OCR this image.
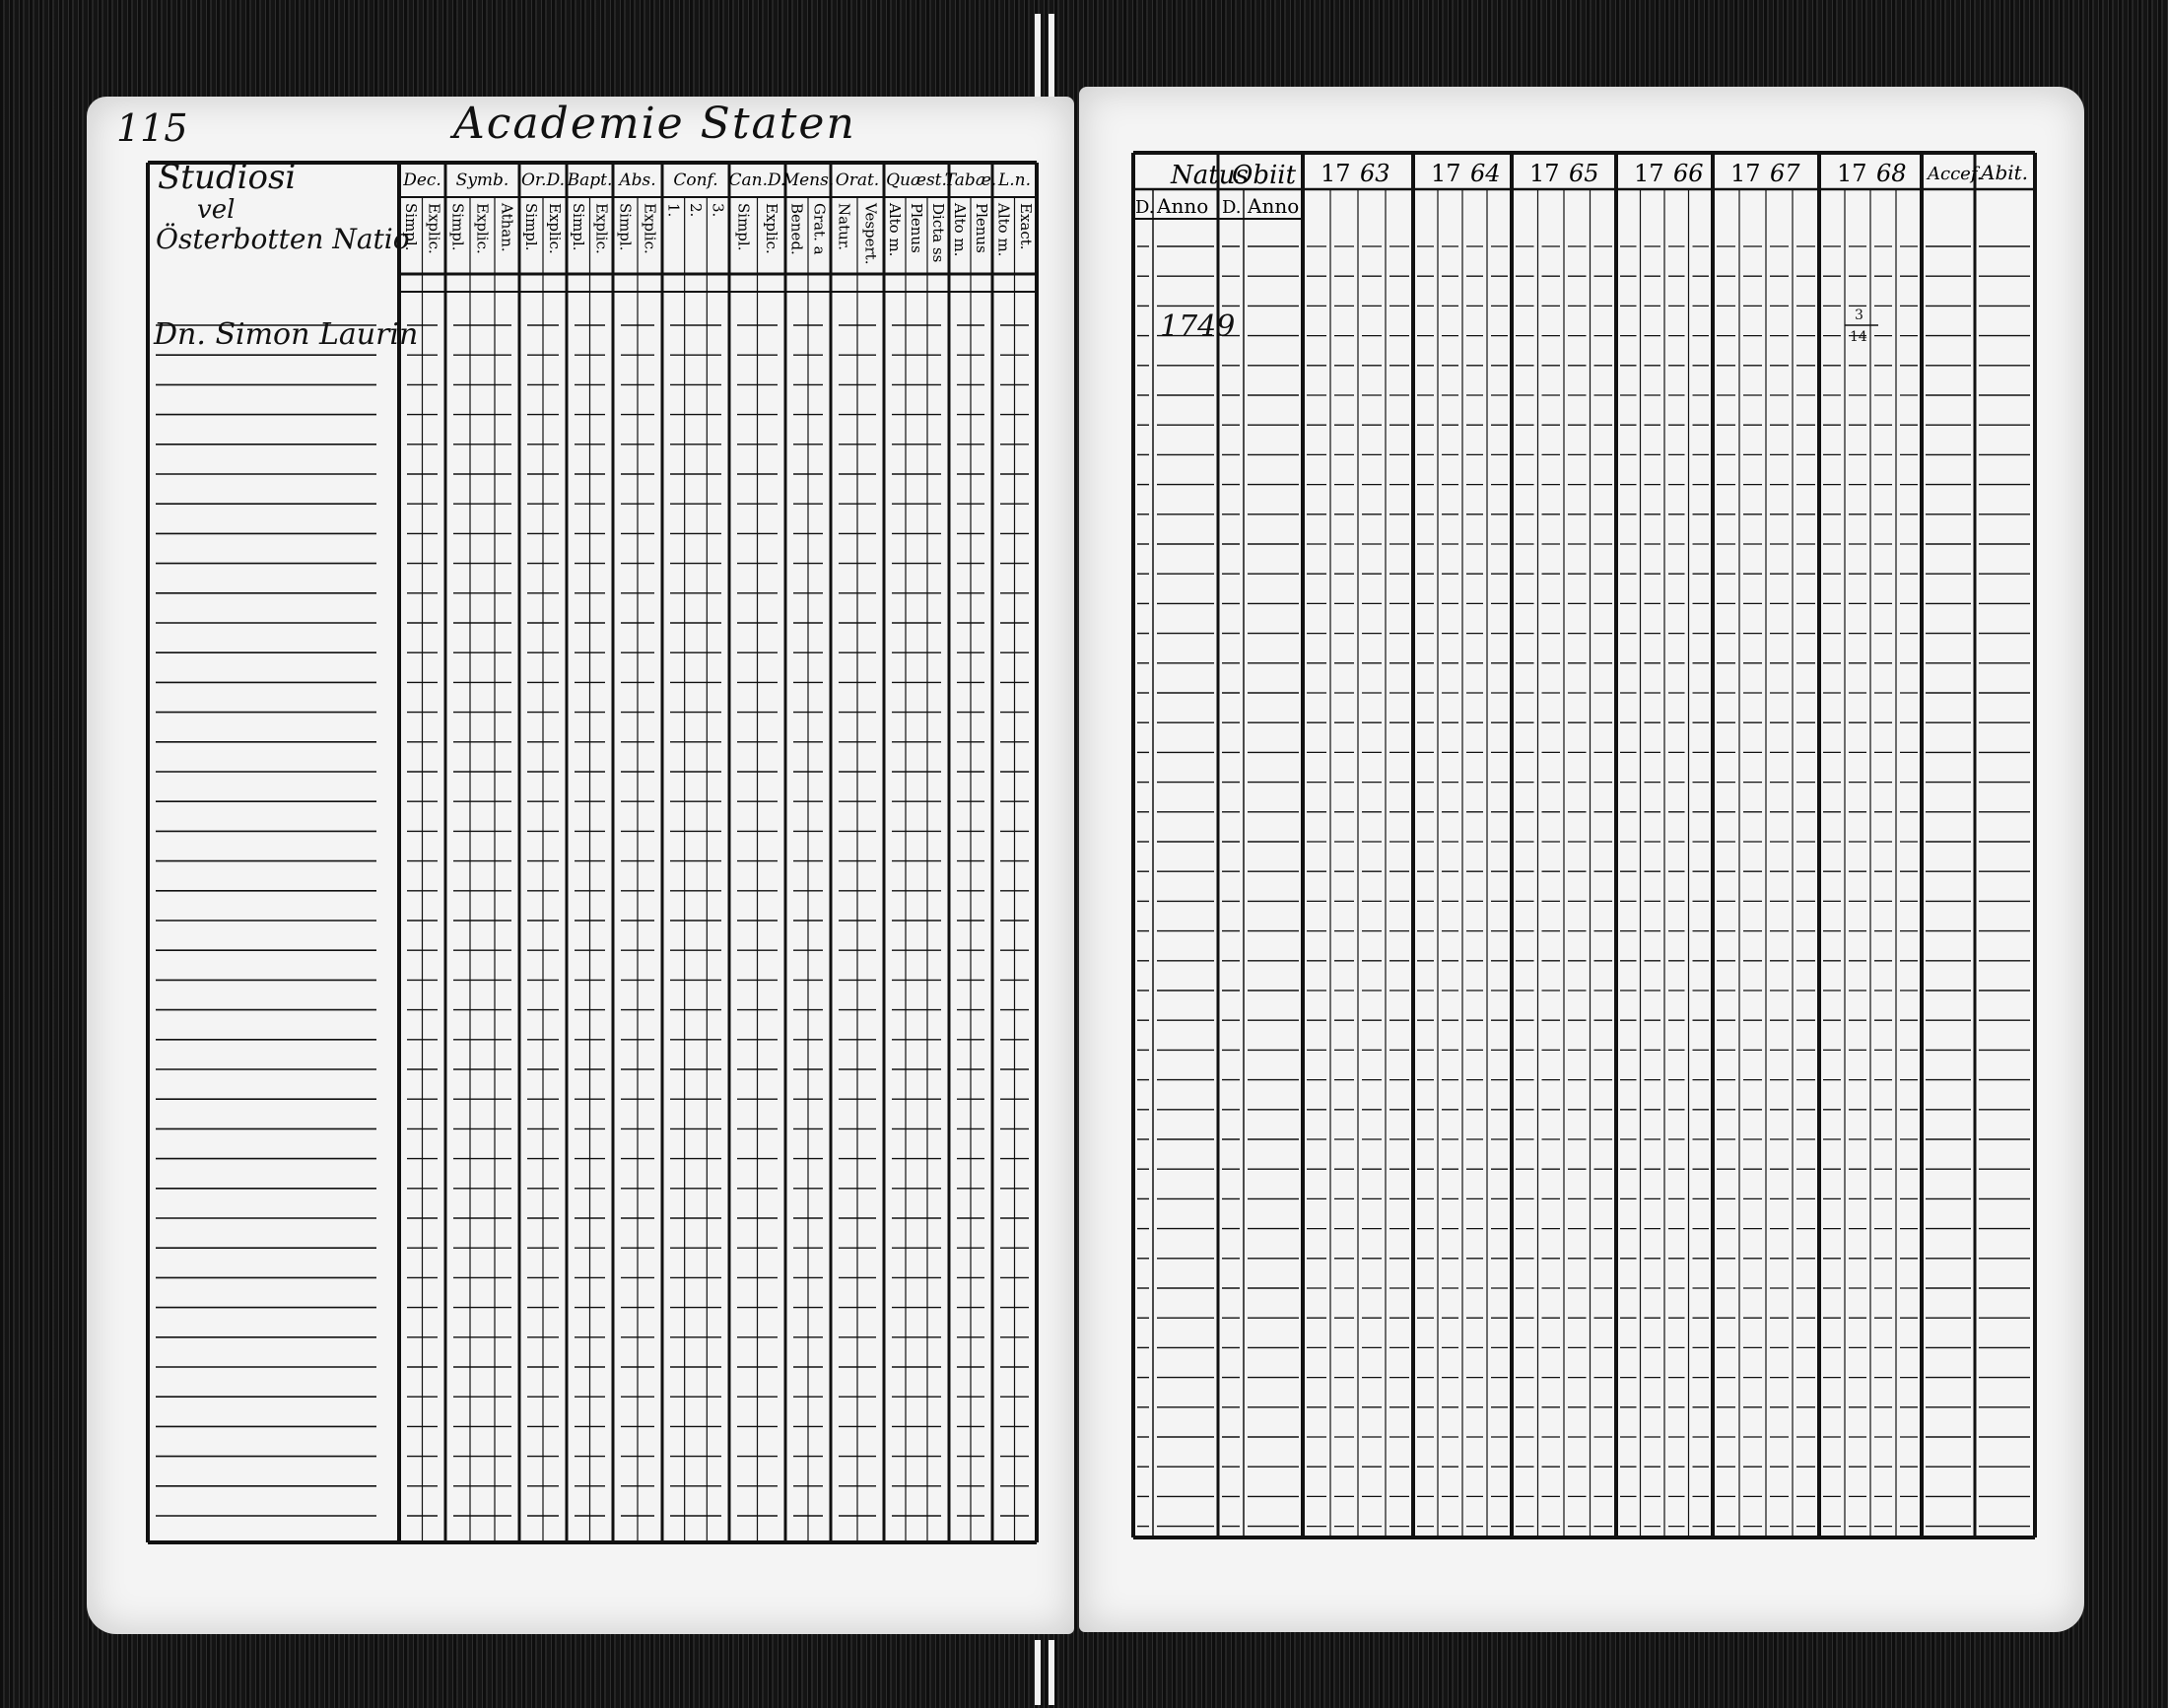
115	Academie Staten
Dec.
Simpl. Explic.
Symb.
Simpl. Explic. Athan.
Or.D.
Simpl. Explic.
Bapt.
Simpl. Explic.
Abs.
Simpl. Explic.
Conf.
1. 2. 3.
Can.D.
Simpl. Explic.
Mens.
Bened. Grat. a
Orat.
Natur. Vespert.
Quæst.
Alto m. Plenus Dicta ss
Tabæ.
Alto m. Plenus
L.n.
Alto m. Exact.
Studiosi
vel
Österbotten Natio
Dn. Simon Laurin
Natus
Obiit
D. Anno D. Anno
17 63 17 64 17 65 17 66 17 67 17 68 Accef.
Abit.
1749	3
14
